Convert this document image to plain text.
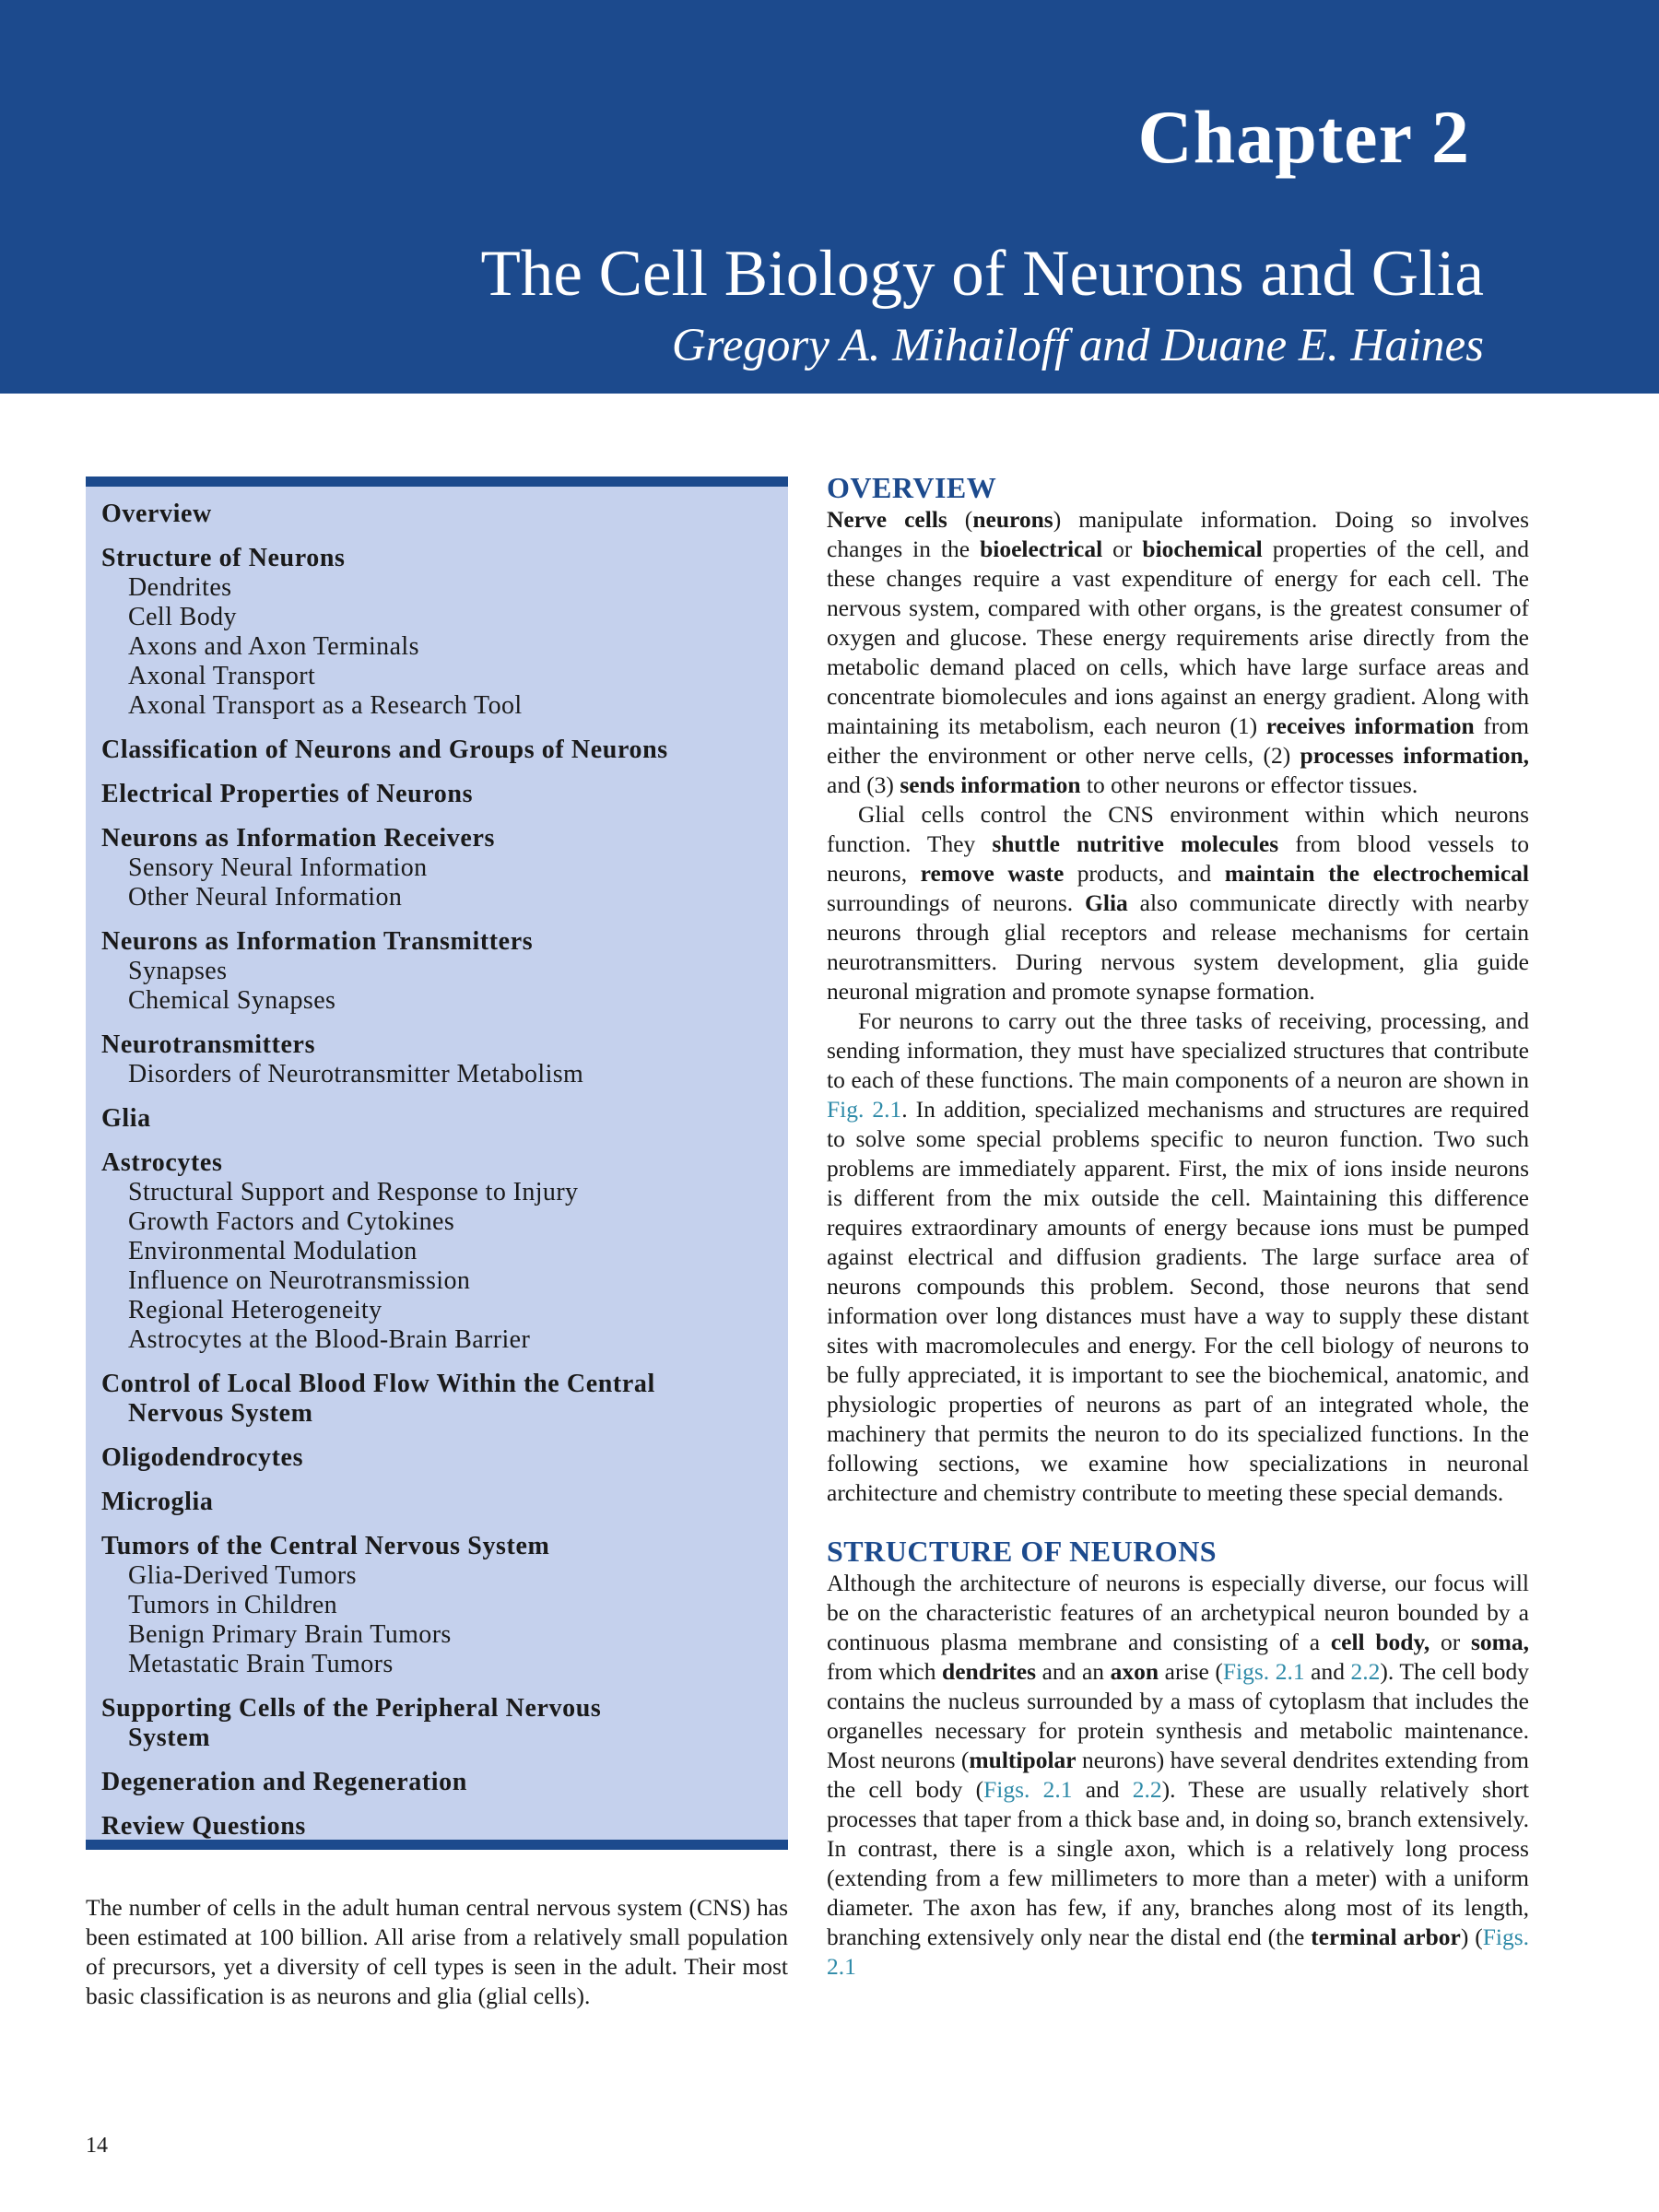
Chapter 2
The Cell Biology of Neurons and Glia
Gregory A. Mihailoff and Duane E. Haines
Overview
Structure of Neurons
Dendrites
Cell Body
Axons and Axon Terminals
Axonal Transport
Axonal Transport as a Research Tool
Classification of Neurons and Groups of Neurons
Electrical Properties of Neurons
Neurons as Information Receivers
Sensory Neural Information
Other Neural Information
Neurons as Information Transmitters
Synapses
Chemical Synapses
Neurotransmitters
Disorders of Neurotransmitter Metabolism
Glia
Astrocytes
Structural Support and Response to Injury
Growth Factors and Cytokines
Environmental Modulation
Influence on Neurotransmission
Regional Heterogeneity
Astrocytes at the Blood-Brain Barrier
Control of Local Blood Flow Within the Central
Nervous System
Oligodendrocytes
Microglia
Tumors of the Central Nervous System
Glia-Derived Tumors
Tumors in Children
Benign Primary Brain Tumors
Metastatic Brain Tumors
Supporting Cells of the Peripheral Nervous
System
Degeneration and Regeneration
Review Questions

The number of cells in the adult human central nervous system (CNS) has been estimated at 100 billion. All arise from a relatively small population of precursors, yet a diversity of cell types is seen in the adult. Their most basic classification is as neurons and glia (glial cells).

OVERVIEW

Nerve cells (neurons) manipulate information. Doing so involves changes in the bioelectrical or biochemical properties of the cell, and these changes require a vast expenditure of energy for each cell. The nervous system, compared with other organs, is the greatest consumer of oxygen and glucose. These energy requirements arise directly from the metabolic demand placed on cells, which have large surface areas and concentrate biomolecules and ions against an energy gradient. Along with maintaining its metabolism, each neuron (1) receives information from either the environment or other nerve cells, (2) processes information, and (3) sends information to other neurons or effector tissues.

Glial cells control the CNS environment within which neurons function. They shuttle nutritive molecules from blood vessels to neurons, remove waste products, and maintain the electrochemical surroundings of neurons. Glia also communicate directly with nearby neurons through glial receptors and release mechanisms for certain neurotransmitters. During nervous system development, glia guide neuronal migration and promote synapse formation.

For neurons to carry out the three tasks of receiving, processing, and sending information, they must have specialized structures that contribute to each of these functions. The main components of a neuron are shown in Fig. 2.1. In addition, specialized mechanisms and structures are required to solve some special problems specific to neuron function. Two such problems are immediately apparent. First, the mix of ions inside neurons is different from the mix outside the cell. Maintaining this difference requires extraordinary amounts of energy because ions must be pumped against electrical and diffusion gradients. The large surface area of neurons compounds this problem. Second, those neurons that send information over long distances must have a way to supply these distant sites with macromolecules and energy. For the cell biology of neurons to be fully appreciated, it is important to see the biochemical, anatomic, and physiologic properties of neurons as part of an integrated whole, the machinery that permits the neuron to do its specialized functions. In the following sections, we examine how specializations in neuronal architecture and chemistry contribute to meeting these special demands.

STRUCTURE OF NEURONS

Although the architecture of neurons is especially diverse, our focus will be on the characteristic features of an archetypical neuron bounded by a continuous plasma membrane and consisting of a cell body, or soma, from which dendrites and an axon arise (Figs. 2.1 and 2.2). The cell body contains the nucleus surrounded by a mass of cytoplasm that includes the organelles necessary for protein synthesis and metabolic maintenance. Most neurons (multipolar neurons) have several dendrites extending from the cell body (Figs. 2.1 and 2.2). These are usually relatively short processes that taper from a thick base and, in doing so, branch extensively. In contrast, there is a single axon, which is a relatively long process (extending from a few millimeters to more than a meter) with a uniform diameter. The axon has few, if any, branches along most of its length, branching extensively only near the distal end (the terminal arbor) (Figs. 2.1

14
